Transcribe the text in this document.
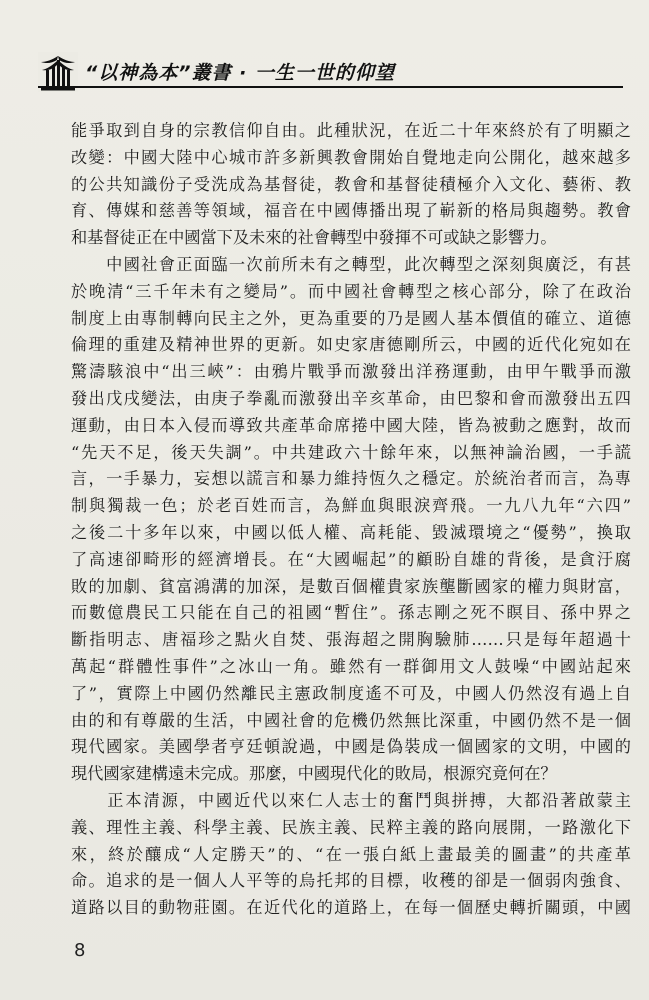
“以神為本”叢書 · 一生一世的仰望
能爭取到自身的宗教信仰自由。此種狀況，在近二十年來終於有了明顯之
改變：中國大陸中心城市許多新興教會開始自覺地走向公開化，越來越多
的公共知識份子受洗成為基督徒，教會和基督徒積極介入文化、藝術、教
育、傳媒和慈善等領域，福音在中國傳播出現了嶄新的格局與趨勢。教會
和基督徒正在中國當下及未來的社會轉型中發揮不可或缺之影響力。
　　中國社會正面臨一次前所未有之轉型，此次轉型之深刻與廣泛，有甚
於晚清“三千年未有之變局”。而中國社會轉型之核心部分，除了在政治
制度上由專制轉向民主之外，更為重要的乃是國人基本價值的確立、道德
倫理的重建及精神世界的更新。如史家唐德剛所云，中國的近代化宛如在
驚濤駭浪中“出三峽”：由鴉片戰爭而激發出洋務運動，由甲午戰爭而激
發出戊戌變法，由庚子拳亂而激發出辛亥革命，由巴黎和會而激發出五四
運動，由日本入侵而導致共產革命席捲中國大陸，皆為被動之應對，故而
“先天不足，後天失調”。中共建政六十餘年來，以無神論治國，一手謊
言，一手暴力，妄想以謊言和暴力維持恆久之穩定。於統治者而言，為專
制與獨裁一色；於老百姓而言，為鮮血與眼淚齊飛。一九八九年“六四”
之後二十多年以來，中國以低人權、高耗能、毀滅環境之“優勢”，換取
了高速卻畸形的經濟增長。在“大國崛起”的顧盼自雄的背後，是貪汙腐
敗的加劇、貧富鴻溝的加深，是數百個權貴家族壟斷國家的權力與財富，
而數億農民工只能在自己的祖國“暫住”。孫志剛之死不瞑目、孫中界之
斷指明志、唐福珍之點火自焚、張海超之開胸驗肺……只是每年超過十
萬起“群體性事件”之冰山一角。雖然有一群御用文人鼓噪“中國站起來
了”，實際上中國仍然離民主憲政制度遙不可及，中國人仍然沒有過上自
由的和有尊嚴的生活，中國社會的危機仍然無比深重，中國仍然不是一個
現代國家。美國學者亨廷頓說過，中國是偽裝成一個國家的文明，中國的
現代國家建構遠未完成。那麼，中國現代化的敗局，根源究竟何在？
　　正本清源，中國近代以來仁人志士的奮鬥與拼搏，大都沿著啟蒙主
義、理性主義、科學主義、民族主義、民粹主義的路向展開，一路激化下
來，終於釀成“人定勝天”的、“在一張白紙上畫最美的圖畫”的共產革
命。追求的是一個人人平等的烏托邦的目標，收穫的卻是一個弱肉強食、
道路以目的動物莊園。在近代化的道路上，在每一個歷史轉折關頭，中國
8
